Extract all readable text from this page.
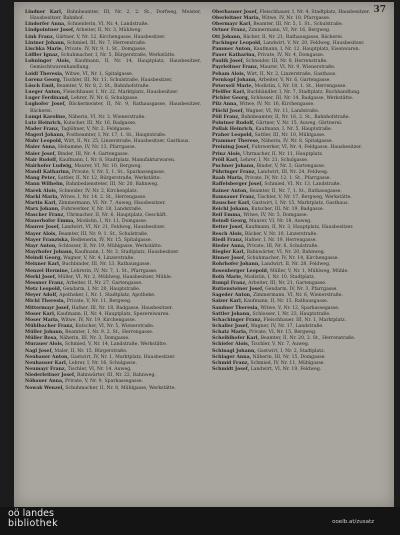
37

Lindner Karl, Bahnbeamter, III, Nr. 2, 2. St., Dorfweg, Meister, Hausbesitzer, Bahnhof.

Lindorfer Anna, Schneiderin, VI, Nr. 4, Landstraße.

Lindpointner Josef, Arbeiter, II, Nr. 3, Mühlweg.

Link Franz, Gärtner, V, Nr. 12, Kirchengasse, Hausbesitzer.

Lintner Johann, Schmied, III, Nr. 7, Herrenstraße.

Lischka Marie, Private, IV, Nr. 9, 1. St., Domgasse.

Löffler Ignaz, Schuhmacher, I, Nr. 5, Bürgerstraße, Werkstätte.

Lohninger Alois, Kaufmann, II, Nr. 14, Hauptplatz, Hausbesitzer, Gemischtwarenhandlung.

Loidl Theresia, Witwe, VI, Nr. 1, Spitalgasse.

Lorenz Georg, Tischler, III, Nr. 11, Schulstraße, Hausbesitzer.

Lösch Emil, Beamter, V, Nr. 8, 2. St., Bahnhofstraße.

Lueger Anton, Fleischhauer, I, Nr. 22, Marktplatz, Hausbesitzer.

Luger Ferdinand, Lehrer, IV, Nr. 6, Schulgasse.

Lughofer Josef, Bäckermeister, II, Nr. 9, Rathausgasse, Hausbesitzer, Bäckerei.

Lumpi Karoline, Näherin, VI, Nr. 3, Wienerstraße.

Lutz Heinrich, Kutscher, III, Nr. 16, Badgasse.

Mader Franz, Taglöhner, V, Nr. 2, Feldgasse.

Magerl Johann, Postbeamter, I, Nr. 17, 1. St., Hauptstraße.

Mahr Leopold, Wirt, II, Nr. 25, Linzerstraße, Hausbesitzer, Gasthaus.

Maier Anna, Hebamme, IV, Nr. 13, Pfarrgasse.

Maier Josef, Binder, III, Nr. 4, Gartengasse.

Mair Rudolf, Kaufmann, I, Nr. 8, Stadtplatz, Manufakturwaren.

Mairhofer Ludwig, Maurer, VI, Nr. 10, Bergweg.

Mandl Katharina, Private, V, Nr. 5, 1. St., Sparkassegasse.

Mang Peter, Sattler, II, Nr. 12, Bürgerstraße, Werkstätte.

Mann Wilhelm, Bahnbediensteter, III, Nr. 20, Bahnweg.

Marek Alois, Schneider, IV, Nr. 2, Kirchenplatz.

Markl Maria, Witwe, I, Nr. 14, 2. St., Herrengasse.

Martin Karl, Zimmermann, VI, Nr. 7, Auweg, Hausbesitzer.

Marx Johann, Fuhrwerker, V, Nr. 18, Landstraße.

Mascher Franz, Uhrmacher, II, Nr. 6, Hauptplatz, Geschäft.

Mauerhofer Emma, Modistin, I, Nr. 11, Domgasse.

Maurer Josef, Landwirt, VI, Nr. 21, Feldweg, Hausbesitzer.

Mayer Alois, Beamter, III, Nr. 9, 1. St., Schulstraße.

Mayer Franziska, Bedienerin, IV, Nr. 15, Spitalgasse.

Mayr Anton, Schlosser, II, Nr. 19, Mühlgasse, Werkstätte.

Mayrhofer Johann, Kaufmann, I, Nr. 3, Stadtplatz, Hausbesitzer.

Meindl Georg, Wagner, V, Nr. 4, Linzerstraße.

Meixner Karl, Buchbinder, III, Nr. 13, Rathausgasse.

Menzel Hermine, Lehrerin, IV, Nr. 7, 1. St., Pfarrgasse.

Merkl Josef, Müller, VI, Nr. 2, Mühlweg, Hausbesitzer, Mühle.

Messner Franz, Arbeiter, II, Nr. 27, Gartengasse.

Metz Leopold, Gendarm, I, Nr. 20, Hauptstraße.

Meyer Adolf, Apotheker, I, Nr. 1, Stadtplatz, Apotheke.

Michl Theresia, Private, V, Nr. 11, Bergweg.

Mittermayr Josef, Hafner, III, Nr. 18, Badgasse, Hausbesitzer.

Moser Karl, Kaufmann, II, Nr. 4, Hauptplatz, Spezereiwaren.

Moser Maria, Witwe, IV, Nr. 19, Kirchengasse.

Mühlbacher Franz, Kutscher, VI, Nr. 5, Wienerstraße.

Müller Johann, Beamter, I, Nr. 9, 2. St., Herrengasse.

Müller Rosa, Näherin, III, Nr. 3, Domgasse.

Murauer Alois, Schmied, V, Nr. 14, Landstraße, Werkstätte.

Nagl Josef, Maler, II, Nr. 15, Bürgerstraße.

Neubauer Anton, Gastwirt, IV, Nr. 1, Marktplatz, Hausbesitzer.

Neuhauser Karl, Lehrer, I, Nr. 16, Schulgasse.

Neumayr Franz, Tischler, VI, Nr. 14, Auweg.

Niederleitner Josef, Bahnwärter, III, Nr. 22, Bahnweg.

Nöbauer Anna, Private, V, Nr. 9, Sparkassegasse.

Nowak Wenzel, Schuhmacher, II, Nr. 8, Mühlgasse, Werkstätte.

Oberhauser Josef, Fleischhauer, I, Nr. 4, Stadtplatz, Hausbesitzer.

Oberleitner Maria, Witwe, IV, Nr. 10, Pfarrgasse.

Obermayr Karl, Beamter, III, Nr. 5, 1. St., Schulstraße.

Ortner Franz, Zimmermann, VI, Nr. 16, Bergweg.

Ott Johann, Bäcker, II, Nr. 21, Rathausgasse, Bäckerei.

Pachinger Leopold, Landwirt, V, Nr. 20, Feldweg, Hausbesitzer.

Pammer Anton, Kaufmann, I, Nr. 12, Hauptplatz, Eisenwaren.

Pauer Katharina, Private, IV, Nr. 4, Domgasse.

Paulik Josef, Schneider, III, Nr. 8, Herrenstraße.

Payrleitner Franz, Maurer, VI, Nr. 9, Wienerstraße.

Peham Alois, Wirt, II, Nr. 2, Linzerstraße, Gasthaus.

Pernkopf Johann, Arbeiter, V, Nr. 6, Gartengasse.

Peterseil Marie, Modistin, I, Nr. 18, 1. St., Herrengasse.

Pfeiffer Karl, Buchhändler, I, Nr. 7, Stadtplatz, Buchhandlung.

Pichler Georg, Schlosser, III, Nr. 14, Badgasse, Werkstätte.

Pilz Anna, Witwe, IV, Nr. 16, Kirchengasse.

Plöchl Josef, Wagner, VI, Nr. 11, Landstraße.

Pöll Franz, Bahnbeamter, II, Nr. 16, 2. St., Bahnhofstraße.

Pointner Rudolf, Gärtner, V, Nr. 15, Auweg, Gärtnerei.

Pollak Heinrich, Kaufmann, I, Nr. 5, Hauptstraße.

Praher Leopold, Sattler, III, Nr. 10, Mühlgasse.

Prammer Therese, Näherin, IV, Nr. 8, Spitalgasse.

Preining Josef, Fuhrwerker, VI, Nr. 4, Feldgasse, Hausbesitzer.

Prinz Alois, Uhrmacher, II, Nr. 11, Hauptplatz.

Pröll Karl, Lehrer, I, Nr. 21, Schulgasse.

Puchner Johann, Binder, V, Nr. 3, Gartengasse.

Pühringer Franz, Landwirt, III, Nr. 24, Feldweg.

Raab Maria, Private, IV, Nr. 12, 1. St., Pfarrgasse.

Raffelsberger Josef, Schmied, VI, Nr. 13, Landstraße.

Rainer Anton, Beamter, II, Nr. 7, 1. St., Rathausgasse.

Ramsauer Franz, Tischler, V, Nr. 17, Bergweg, Werkstätte.

Rauscher Karl, Gastwirt, I, Nr. 15, Marktplatz, Gasthaus.

Reichl Johann, Kutscher, III, Nr. 19, Badgasse.

Reif Emma, Witwe, IV, Nr. 5, Domgasse.

Reindl Georg, Maurer, VI, Nr. 18, Auweg.

Reiter Josef, Kaufmann, II, Nr. 3, Hauptplatz, Hausbesitzer.

Resch Alois, Bäcker, V, Nr. 10, Linzerstraße.

Riedl Franz, Hafner, I, Nr. 19, Herrengasse.

Rieder Anna, Private, III, Nr. 6, Schulstraße.

Riegler Karl, Bahnwärter, VI, Nr. 20, Bahnweg.

Rinner Josef, Schuhmacher, IV, Nr. 14, Kirchengasse.

Rohrhofer Johann, Landwirt, II, Nr. 28, Feldweg.

Rosenberger Leopold, Müller, V, Nr. 1, Mühlweg, Mühle.

Roth Marie, Modistin, I, Nr. 10, Stadtplatz.

Rumpl Franz, Arbeiter, III, Nr. 21, Gartengasse.

Ruttensteiner Josef, Gendarm, IV, Nr. 3, Pfarrgasse.

Sageder Anton, Zimmermann, VI, Nr. 6, Wienerstraße.

Salzer Karl, Kaufmann, II, Nr. 13, Rathausgasse.

Sandner Theresia, Witwe, V, Nr. 12, Sparkassegasse.

Sattler Johann, Schlosser, I, Nr. 23, Hauptstraße.

Schachinger Franz, Fleischhauer, III, Nr. 1, Marktplatz.

Schaller Josef, Wagner, IV, Nr. 17, Landstraße.

Schatz Maria, Private, VI, Nr. 15, Bergweg.

Scheiblhofer Karl, Beamter, II, Nr. 20, 2. St., Herrenstraße.

Schiefer Alois, Tischler, V, Nr. 7, Auweg.

Schinagl Johann, Gastwirt, I, Nr. 2, Stadtplatz.

Schlager Anna, Näherin, III, Nr. 15, Domgasse.

Schmid Franz, Schmied, IV, Nr. 11, Mühlgasse.

Schmidt Josef, Landwirt, VI, Nr. 19, Feldweg.

oö landes
bibliothek	ooelb.at/zusatz
